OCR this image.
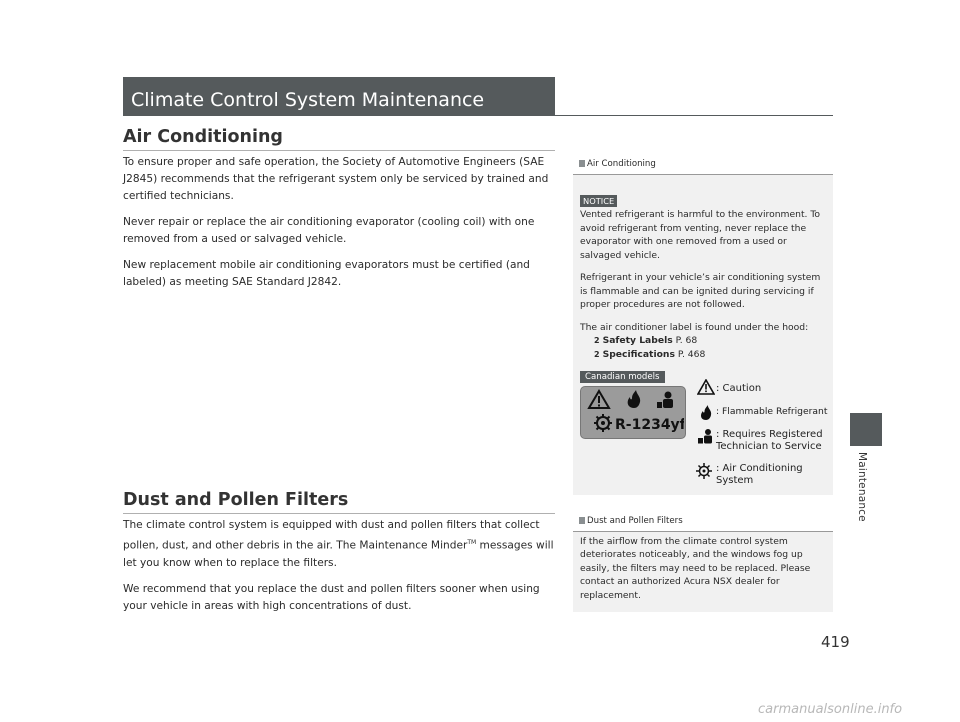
Climate Control System Maintenance
Air Conditioning

To ensure proper and safe operation, the Society of Automotive Engineers (SAE J2845) recommends that the refrigerant system only be serviced by trained and certified technicians.

Never repair or replace the air conditioning evaporator (cooling coil) with one removed from a used or salvaged vehicle.

New replacement mobile air conditioning evaporators must be certified (and labeled) as meeting SAE Standard J2842.

Dust and Pollen Filters

The climate control system is equipped with dust and pollen filters that collect pollen, dust, and other debris in the air. The Maintenance Minder™ messages will let you know when to replace the filters.

We recommend that you replace the dust and pollen filters sooner when using your vehicle in areas with high concentrations of dust.

Air Conditioning
NOTICE

Vented refrigerant is harmful to the environment. To avoid refrigerant from venting, never replace the evaporator with one removed from a used or salvaged vehicle.

Refrigerant in your vehicle’s air conditioning system is flammable and can be ignited during servicing if proper procedures are not followed.

The air conditioner label is found under the hood:
2 Safety Labels P. 68
2 Specifications P. 468
Canadian models
R-1234yf
: Caution
: Flammable Refrigerant
: Requires Registered Technician to Service
: Air Conditioning System
Dust and Pollen Filters
If the airflow from the climate control system deteriorates noticeably, and the windows fog up easily, the filters may need to be replaced. Please contact an authorized Acura NSX dealer for replacement.
Maintenance
419
carmanualsonline.info
